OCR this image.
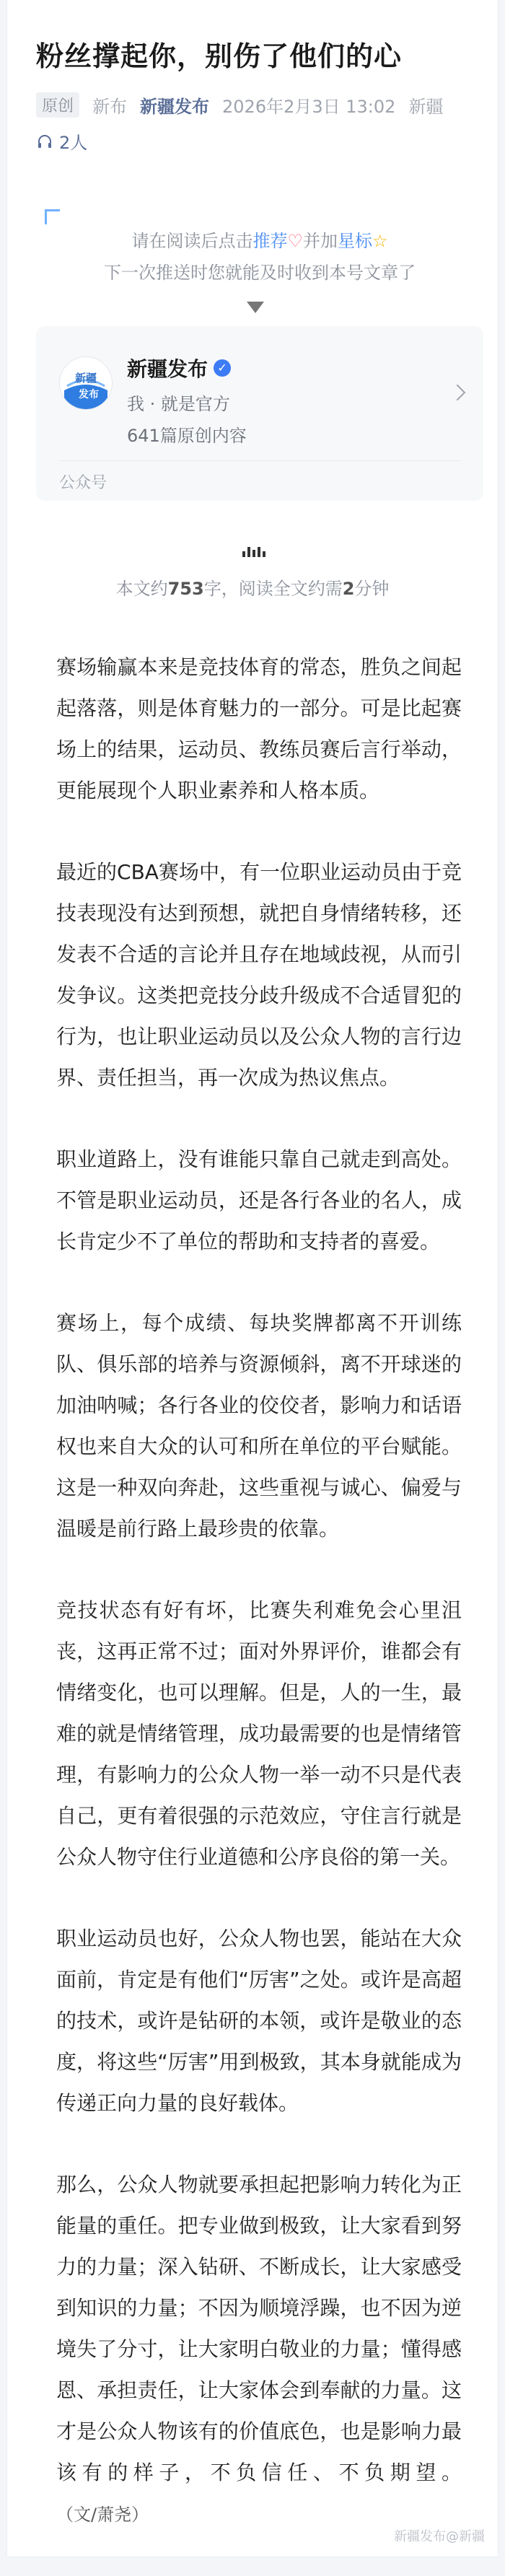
粉丝撑起你，别伤了他们的心
原创	新布 新疆发布 2026年2月3日 13:02 新疆
2人
请在阅读后点击推荐♡并加星标☆
下一次推送时您就能及时收到本号文章了
新疆
发布
新疆发布 ✓
我 · 就是官方
641篇原创内容
公众号
本文约753字，阅读全文约需2分钟

赛场输赢本来是竞技体育的常态，胜负之间起起落落，则是体育魅力的一部分。可是比起赛场上的结果，运动员、教练员赛后言行举动，更能展现个人职业素养和人格本质。

最近的CBA赛场中，有一位职业运动员由于竞技表现没有达到预想，就把自身情绪转移，还发表不合适的言论并且存在地域歧视，从而引发争议。这类把竞技分歧升级成不合适冒犯的行为，也让职业运动员以及公众人物的言行边界、责任担当，再一次成为热议焦点。

职业道路上，没有谁能只靠自己就走到高处。不管是职业运动员，还是各行各业的名人，成长肯定少不了单位的帮助和支持者的喜爱。

赛场上，每个成绩、每块奖牌都离不开训练队、俱乐部的培养与资源倾斜，离不开球迷的加油呐喊；各行各业的佼佼者，影响力和话语权也来自大众的认可和所在单位的平台赋能。这是一种双向奔赴，这些重视与诚心、偏爱与温暖是前行路上最珍贵的依靠。

竞技状态有好有坏，比赛失利难免会心里沮丧，这再正常不过；面对外界评价，谁都会有情绪变化，也可以理解。但是，人的一生，最难的就是情绪管理，成功最需要的也是情绪管理，有影响力的公众人物一举一动不只是代表自己，更有着很强的示范效应，守住言行就是公众人物守住行业道德和公序良俗的第一关。

职业运动员也好，公众人物也罢，能站在大众面前，肯定是有他们“厉害”之处。或许是高超的技术，或许是钻研的本领，或许是敬业的态度，将这些“厉害”用到极致，其本身就能成为传递正向力量的良好载体。

那么，公众人物就要承担起把影响力转化为正能量的重任。把专业做到极致，让大家看到努力的力量；深入钻研、不断成长，让大家感受到知识的力量；不因为顺境浮躁，也不因为逆境失了分寸，让大家明白敬业的力量；懂得感恩、承担责任，让大家体会到奉献的力量。这才是公众人物该有的价值底色，也是影响力最该有的样子，不负信任、不负期望。（文/萧尧）

新疆发布@新疆
